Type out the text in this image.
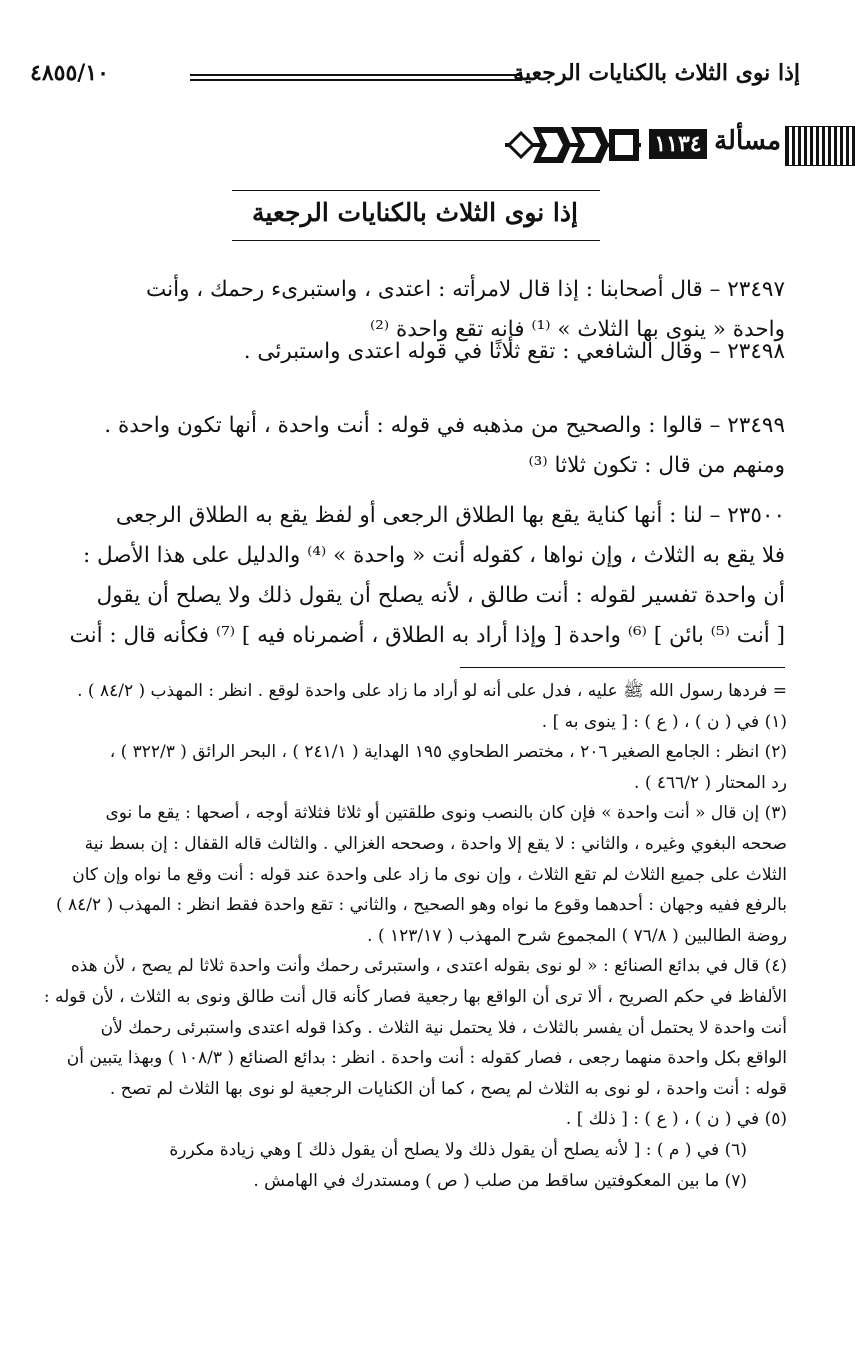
إذا نوى الثلاث بالكنايات الرجعية
٤٨٥٥/١٠
مسألة
١١٣٤
إذا نوى الثلاث بالكنايات الرجعية
٢٣٤٩٧ – قال أصحابنا : إذا قال لامرأته : اعتدى ، واستبرىء رحمك ، وأنت
واحدة « ينوى بها الثلاث » ⁽¹⁾ فإنه تقع واحدة ⁽²⁾
٢٣٤٩٨ – وقال الشافعي : تقع ثلاثًا في قوله اعتدى واستبرئى .
٢٣٤٩٩ – قالوا : والصحيح من مذهبه في قوله : أنت واحدة ، أنها تكون واحدة .
ومنهم من قال : تكون ثلاثا ⁽³⁾
٢٣٥٠٠ – لنا : أنها كناية يقع بها الطلاق الرجعى أو لفظ يقع به الطلاق الرجعى
فلا يقع به الثلاث ، وإن نواها ، كقوله أنت « واحدة » ⁽⁴⁾ والدليل على هذا الأصل :
أن واحدة تفسير لقوله : أنت طالق ، لأنه يصلح أن يقول ذلك ولا يصلح أن يقول
[ أنت ⁽⁵⁾ بائن ] ⁽⁶⁾ واحدة [ وإذا أراد به الطلاق ، أضمرناه فيه ] ⁽⁷⁾ فكأنه قال : أنت
= فردها رسول الله ﷺ عليه ، فدل على أنه لو أراد ما زاد على واحدة لوقع . انظر : المهذب ( ٨٤/٢ ) .
(١) في ( ن ) ، ( ع ) : [ ينوى به ] .
(٢) انظر : الجامع الصغير ٢٠٦ ، مختصر الطحاوي ١٩٥ الهداية ( ٢٤١/١ ) ، البحر الرائق ( ٣٢٢/٣ ) ،
رد المحتار ( ٤٦٦/٢ ) .
(٣) إن قال « أنت واحدة » فإن كان بالنصب ونوى طلقتين أو ثلاثا فثلاثة أوجه ، أصحها : يقع ما نوى
صححه البغوي وغيره ، والثاني : لا يقع إلا واحدة ، وصححه الغزالي . والثالث قاله القفال : إن بسط نية
الثلاث على جميع الثلاث لم تقع الثلاث ، وإن نوى ما زاد على واحدة عند قوله : أنت وقع ما نواه وإن كان
بالرفع ففيه وجهان : أحدهما وقوع ما نواه وهو الصحيح ، والثاني : تقع واحدة فقط انظر : المهذب ( ٨٤/٢ )
روضة الطالبين ( ٧٦/٨ ) المجموع شرح المهذب ( ١٢٣/١٧ ) .
(٤) قال في بدائع الصنائع : « لو نوى بقوله اعتدى ، واستبرئى رحمك وأنت واحدة ثلاثا لم يصح ، لأن هذه
الألفاظ في حكم الصريح ، ألا ترى أن الواقع بها رجعية فصار كأنه قال أنت طالق ونوى به الثلاث ، لأن قوله :
أنت واحدة لا يحتمل أن يفسر بالثلاث ، فلا يحتمل نية الثلاث . وكذا قوله اعتدى واستبرئى رحمك لأن
الواقع بكل واحدة منهما رجعى ، فصار كقوله : أنت واحدة . انظر : بدائع الصنائع ( ١٠٨/٣ ) وبهذا يتبين أن
قوله : أنت واحدة ، لو نوى به الثلاث لم يصح ، كما أن الكنايات الرجعية لو نوى بها الثلاث لم تصح .
(٥) في ( ن ) ، ( ع ) : [ ذلك ] .
(٦) في ( م ) : [ لأنه يصلح أن يقول ذلك ولا يصلح أن يقول ذلك ] وهي زيادة مكررة
(٧) ما بين المعكوفتين ساقط من صلب ( ص ) ومستدرك في الهامش .
